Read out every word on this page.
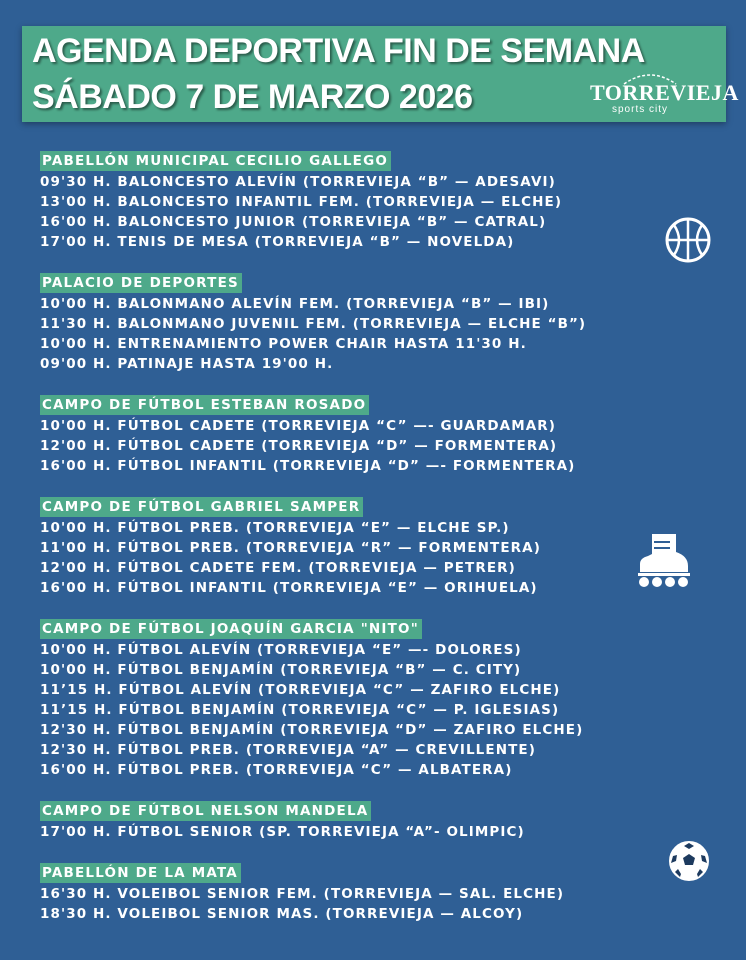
AGENDA DEPORTIVA FIN DE SEMANA
SÁBADO 7 DE MARZO 2026	TORREVIEJA
sports city
PABELLÓN MUNICIPAL CECILIO GALLEGO
09'30 H. BALONCESTO ALEVÍN (TORREVIEJA “B” — ADESAVI)
13'00 H. BALONCESTO INFANTIL FEM. (TORREVIEJA — ELCHE)
16'00 H. BALONCESTO JUNIOR (TORREVIEJA “B” — CATRAL)
17'00 H. TENIS DE MESA (TORREVIEJA “B” — NOVELDA)
PALACIO DE DEPORTES
10'00 H. BALONMANO ALEVÍN FEM. (TORREVIEJA “B” — IBI)
11'30 H. BALONMANO JUVENIL FEM. (TORREVIEJA — ELCHE “B”)
10'00 H. ENTRENAMIENTO POWER CHAIR HASTA 11'30 H.
09'00 H. PATINAJE HASTA 19'00 H.
CAMPO DE FÚTBOL ESTEBAN ROSADO
10'00 H. FÚTBOL CADETE (TORREVIEJA “C” —- GUARDAMAR)
12'00 H. FÚTBOL CADETE (TORREVIEJA “D” — FORMENTERA)
16'00 H. FÚTBOL INFANTIL (TORREVIEJA “D” —- FORMENTERA)
CAMPO DE FÚTBOL GABRIEL SAMPER
10'00 H. FÚTBOL PREB. (TORREVIEJA “E” — ELCHE SP.)
11'00 H. FÚTBOL PREB. (TORREVIEJA “R” — FORMENTERA)
12'00 H. FÚTBOL CADETE FEM. (TORREVIEJA — PETRER)
16'00 H. FÚTBOL INFANTIL (TORREVIEJA “E” — ORIHUELA)
CAMPO DE FÚTBOL JOAQUÍN GARCIA "NITO"
10'00 H. FÚTBOL ALEVÍN (TORREVIEJA “E” —- DOLORES)
10'00 H. FÚTBOL BENJAMÍN (TORREVIEJA “B” — C. CITY)
11’15 H. FÚTBOL ALEVÍN (TORREVIEJA “C” — ZAFIRO ELCHE)
11’15 H. FÚTBOL BENJAMÍN (TORREVIEJA “C” — P. IGLESIAS)
12'30 H. FÚTBOL BENJAMÍN (TORREVIEJA “D” — ZAFIRO ELCHE)
12'30 H. FÚTBOL PREB. (TORREVIEJA “A” — CREVILLENTE)
16'00 H. FÚTBOL PREB. (TORREVIEJA “C” — ALBATERA)
CAMPO DE FÚTBOL NELSON MANDELA
17'00 H. FÚTBOL SENIOR (SP. TORREVIEJA “A”- OLIMPIC)
PABELLÓN DE LA MATA
16'30 H. VOLEIBOL SENIOR FEM. (TORREVIEJA — SAL. ELCHE)
18'30 H. VOLEIBOL SENIOR MAS. (TORREVIEJA — ALCOY)
